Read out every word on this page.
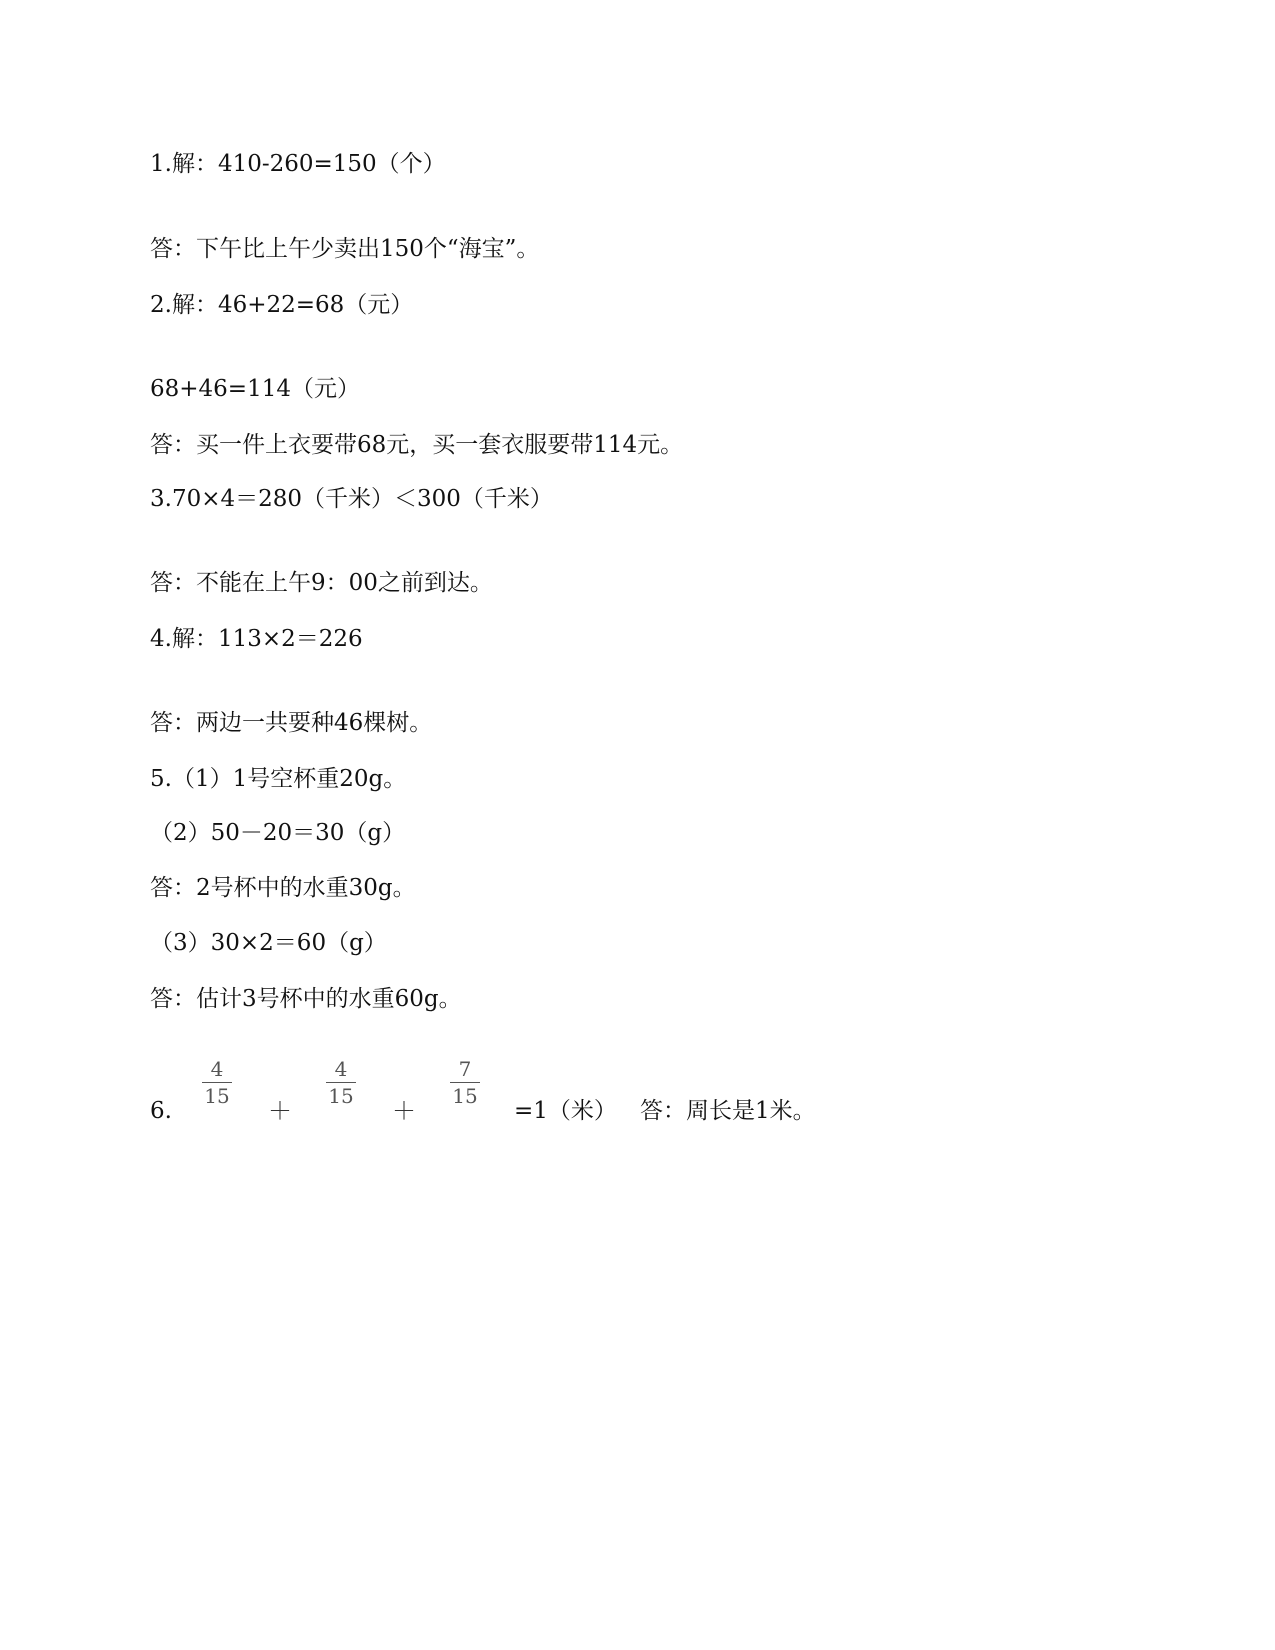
1.解：410-260=150（个）
答：下午比上午少卖出150个“海宝”。
2.解：46+22=68（元）
68+46=114（元）
答：买一件上衣要带68元，买一套衣服要带114元。
3.70×4＝280（千米）＜300（千米）
答：不能在上午9：00之前到达。
4.解：113×2＝226
答：两边一共要种46棵树。
5.（1）1号空杯重20g。
（2）50－20＝30（g）
答：2号杯中的水重30g。
（3）30×2＝60（g）
答：估计3号杯中的水重60g。
6.
4
15
＋
4
15
＋
7
15
=1（米） 答：周长是1米。
